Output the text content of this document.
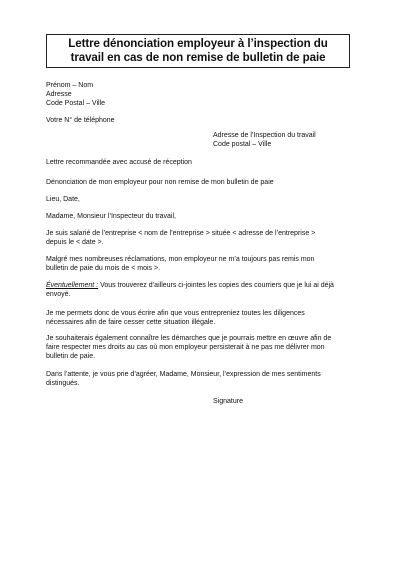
Lettre dénonciation employeur à l’inspection du
travail en cas de non remise de bulletin de paie
Prénom – Nom
Adresse
Code Postal – Ville
Votre N° de téléphone
Adresse de l’Inspection du travail
Code postal – Ville
Lettre recommandée avec accusé de réception
Dénonciation de mon employeur pour non remise de mon bulletin de paie
Lieu, Date,
Madame, Monsieur l’Inspecteur du travail,
Je suis salarié de l’entreprise < nom de l’entreprise > située < adresse de l’entreprise >
depuis le < date >.
Malgré mes nombreuses réclamations, mon employeur ne m’a toujours pas remis mon
bulletin de paie du mois de < mois >.
Éventuellement : Vous trouverez d’ailleurs ci-jointes les copies des courriers que je lui ai déjà
envoyé.
Je me permets donc de vous écrire afin que vous entrepreniez toutes les diligences
nécessaires afin de faire cesser cette situation illégale.
Je souhaiterais également connaître les démarches que je pourrais mettre en œuvre afin de
faire respecter mes droits au cas où mon employeur persisterait à ne pas me délivrer mon
bulletin de paie.
Dans l’attente, je vous prie d’agréer, Madame, Monsieur, l’expression de mes sentiments
distingués.
Signature
